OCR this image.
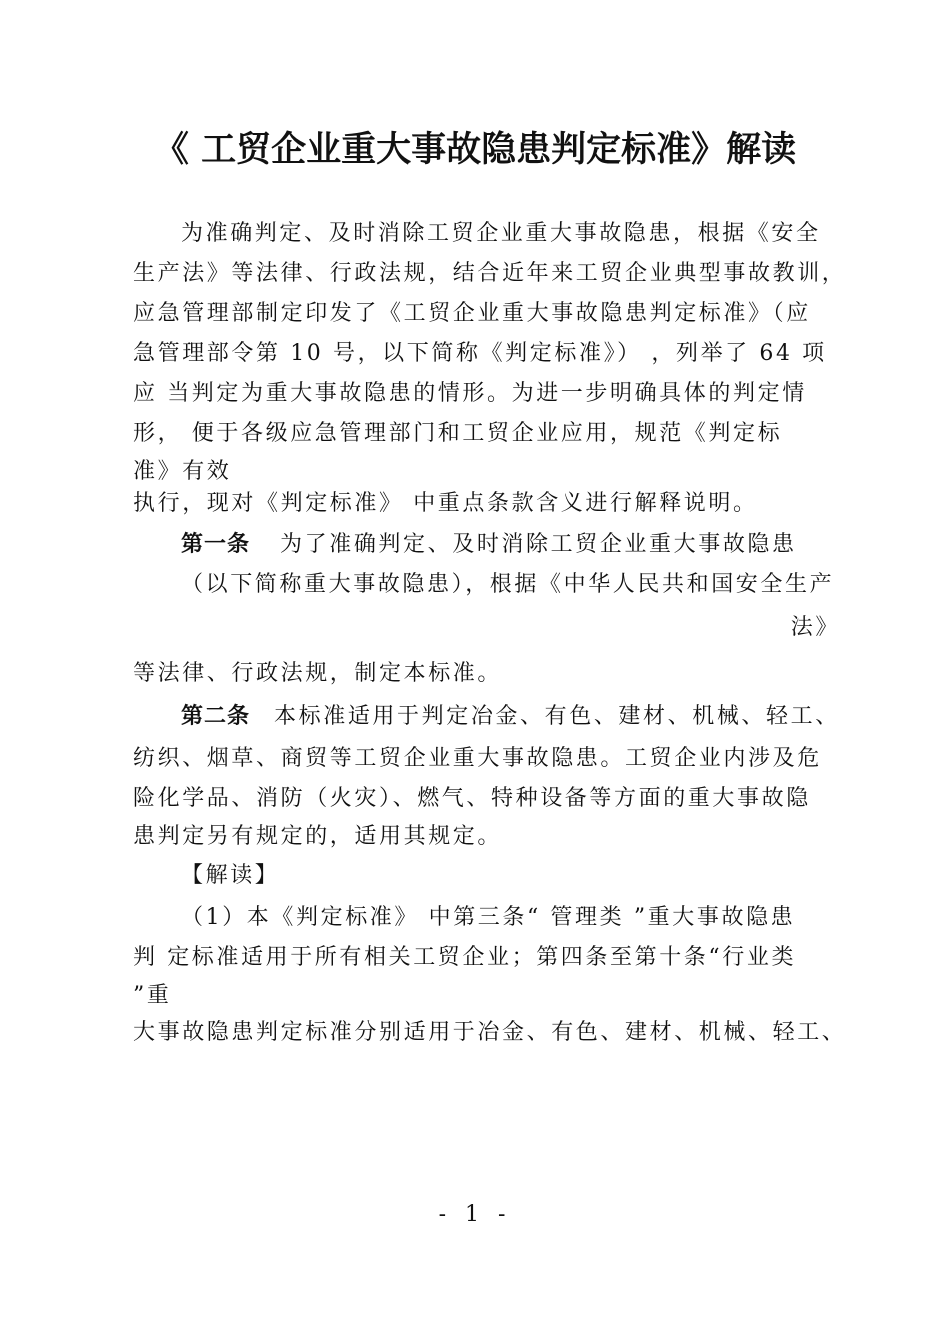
《 工贸企业重大事故隐患判定标准》解读
为准确判定、及时消除工贸企业重大事故隐患，根据《安全
生产法》等法律、行政法规，结合近年来工贸企业典型事故教训，
应急管理部制定印发了《工贸企业重大事故隐患判定标准》（应
急管理部令第 10 号，以下简称《判定标准》） ，列举了 64 项
应 当判定为重大事故隐患的情形。为进一步明确具体的判定情
形， 便于各级应急管理部门和工贸企业应用，规范《判定标
准》有效
执行，现对《判定标准》 中重点条款含义进行解释说明。
第一条 为了准确判定、及时消除工贸企业重大事故隐患
（以下简称重大事故隐患），根据《中华人民共和国安全生产
法》
等法律、行政法规，制定本标准。
第二条 本标准适用于判定冶金、有色、建材、机械、轻工、
纺织、烟草、商贸等工贸企业重大事故隐患。工贸企业内涉及危
险化学品、消防（火灾）、燃气、特种设备等方面的重大事故隐
患判定另有规定的，适用其规定。
【解读】
（1）本《判定标准》 中第三条“ 管理类 ”重大事故隐患
判 定标准适用于所有相关工贸企业；第四条至第十条“行业类
”重
大事故隐患判定标准分别适用于冶金、有色、建材、机械、轻工、
- 1 -
